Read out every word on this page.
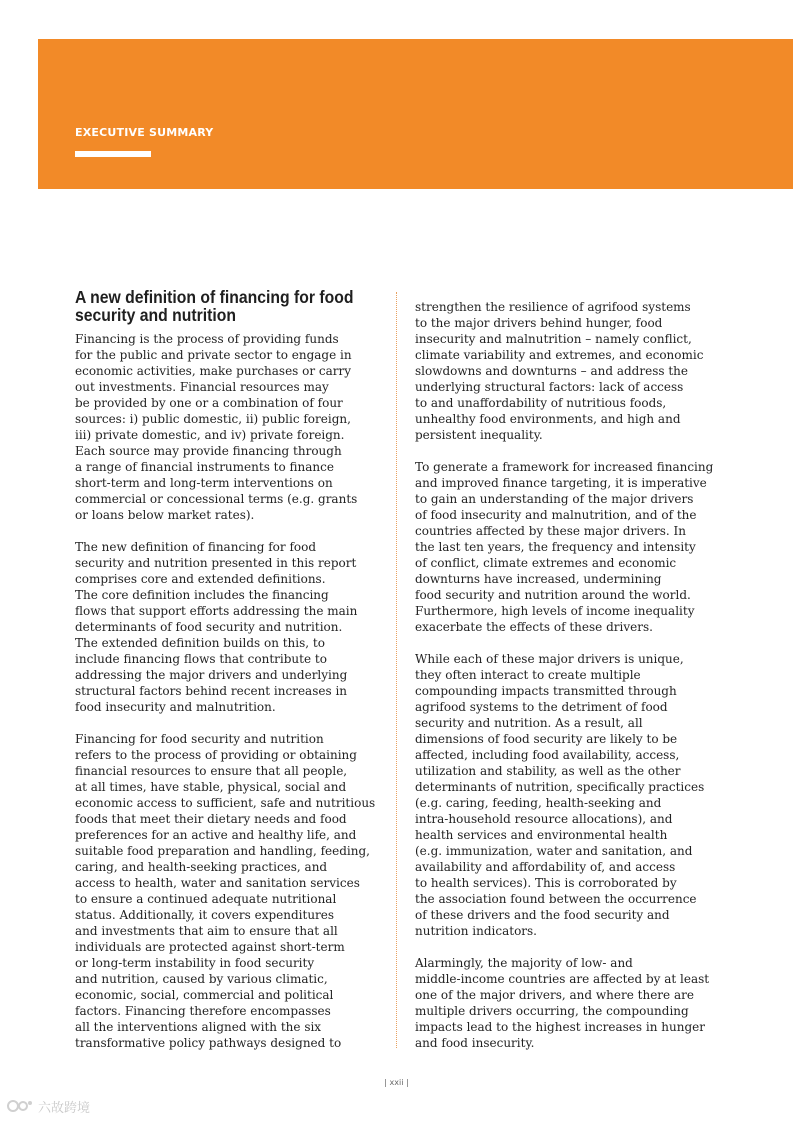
EXECUTIVE SUMMARY
A new definition of financing for food
security and nutrition

Financing is the process of providing funds
for the public and private sector to engage in
economic activities, make purchases or carry
out investments. Financial resources may
be provided by one or a combination of four
sources: i) public domestic, ii) public foreign,
iii) private domestic, and iv) private foreign.
Each source may provide financing through
a range of financial instruments to finance
short-term and long-term interventions on
commercial or concessional terms (e.g. grants
or loans below market rates).

The new definition of financing for food
security and nutrition presented in this report
comprises core and extended definitions.
The core definition includes the financing
flows that support efforts addressing the main
determinants of food security and nutrition.
The extended definition builds on this, to
include financing flows that contribute to
addressing the major drivers and underlying
structural factors behind recent increases in
food insecurity and malnutrition.

Financing for food security and nutrition
refers to the process of providing or obtaining
financial resources to ensure that all people,
at all times, have stable, physical, social and
economic access to sufficient, safe and nutritious
foods that meet their dietary needs and food
preferences for an active and healthy life, and
suitable food preparation and handling, feeding,
caring, and health-seeking practices, and
access to health, water and sanitation services
to ensure a continued adequate nutritional
status. Additionally, it covers expenditures
and investments that aim to ensure that all
individuals are protected against short-term
or long-term instability in food security
and nutrition, caused by various climatic,
economic, social, commercial and political
factors. Financing therefore encompasses
all the interventions aligned with the six
transformative policy pathways designed to

strengthen the resilience of agrifood systems
to the major drivers behind hunger, food
insecurity and malnutrition – namely conflict,
climate variability and extremes, and economic
slowdowns and downturns – and address the
underlying structural factors: lack of access
to and unaffordability of nutritious foods,
unhealthy food environments, and high and
persistent inequality.

To generate a framework for increased financing
and improved finance targeting, it is imperative
to gain an understanding of the major drivers
of food insecurity and malnutrition, and of the
countries affected by these major drivers. In
the last ten years, the frequency and intensity
of conflict, climate extremes and economic
downturns have increased, undermining
food security and nutrition around the world.
Furthermore, high levels of income inequality
exacerbate the effects of these drivers.

While each of these major drivers is unique,
they often interact to create multiple
compounding impacts transmitted through
agrifood systems to the detriment of food
security and nutrition. As a result, all
dimensions of food security are likely to be
affected, including food availability, access,
utilization and stability, as well as the other
determinants of nutrition, specifically practices
(e.g. caring, feeding, health-seeking and
intra-household resource allocations), and
health services and environmental health
(e.g. immunization, water and sanitation, and
availability and affordability of, and access
to health services). This is corroborated by
the association found between the occurrence
of these drivers and the food security and
nutrition indicators.

Alarmingly, the majority of low- and
middle-income countries are affected by at least
one of the major drivers, and where there are
multiple drivers occurring, the compounding
impacts lead to the highest increases in hunger
and food insecurity.

| xxii |
六故跨境
